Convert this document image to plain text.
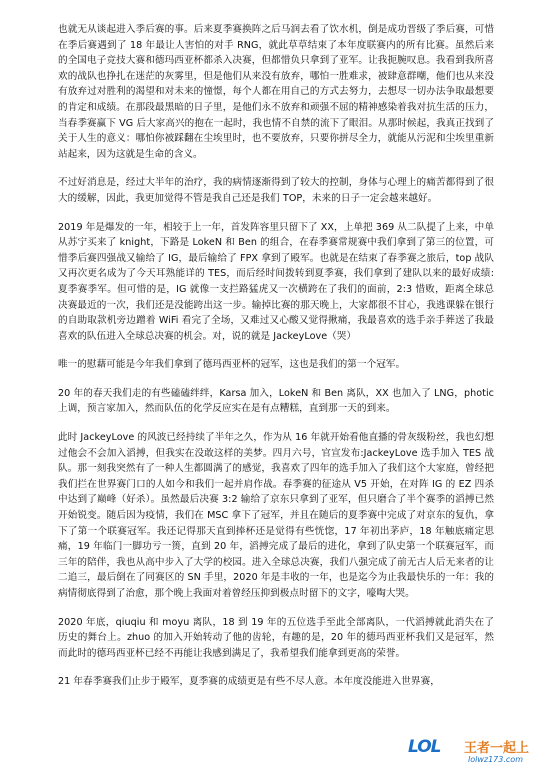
也就无从谈起进入季后赛的事。后来夏季赛换阵之后马润去看了饮水机，倒是成功晋级了季后赛，可惜在季后赛遇到了 18 年最让人害怕的对手 RNG，就此草草结束了本年度联赛内的所有比赛。虽然后来的全国电子竞技大赛和德玛西亚杯都杀入决赛，但都惜负只拿到了亚军。让我扼腕叹息。我看到我所喜欢的战队也挣扎在迷茫的灰雾里，但是他们从来没有放弃，哪怕一胜难求，被肆意群嘲，他们也从来没有放弃过对胜利的渴望和对未来的憧憬，每个人都在用自己的方式去努力，去想尽一切办法争取最想要的肯定和成绩。在那段最黑暗的日子里，是他们永不放弃和顽强不屈的精神感染着我对抗生活的压力，当春季赛赢下 VG 后大家高兴的抱在一起时，我也情不自禁的流下了眼泪。从那时候起，我真正找到了关于人生的意义：哪怕你被踩翻在尘埃里时，也不要放弃，只要你拼尽全力，就能从污泥和尘埃里重新站起来，因为这就是生命的含义。

不过好消息是，经过大半年的治疗，我的病情逐渐得到了较大的控制，身体与心理上的痛苦都得到了很大的缓解，因此，我更加觉得不管是我自己还是我们 TOP，未来的日子一定会越来越好。

2019 年是爆发的一年，相较于上一年，首发阵容里只留下了 XX，上单把 369 从二队提了上来，中单从苏宁买来了 knight，下路是 LokeN 和 Ben 的组合，在春季赛常规赛中我们拿到了第三的位置，可惜季后赛四强战又输给了 IG，最后输给了 FPX 拿到了殿军。也就是在结束了春季赛之旅后，top 战队又再次更名成为了今天耳熟能详的 TES，而后经时间拨转到夏季赛，我们拿到了建队以来的最好成绩:夏季赛季军。但可惜的是，IG 就像一支拦路猛虎又一次横跨在了我们的面前，2:3 惜败，距离全球总决赛最近的一次，我们还是没能跨出这一步。输掉比赛的那天晚上，大家都很不甘心，我逃课躲在银行的自助取款机旁边蹭着 WiFi 看完了全场，又难过又心酸又觉得揪痛，我最喜欢的选手亲手葬送了我最喜欢的队伍进入全球总决赛的机会。对，说的就是 JackeyLove（哭）

唯一的慰藉可能是今年我们拿到了德玛西亚杯的冠军，这也是我们的第一个冠军。

20 年的春天我们走的有些磕磕绊绊，Karsa 加入，LokeN 和 Ben 离队，XX 也加入了 LNG，photic 上调，预言家加入，然而队伍的化学反应实在是有点糟糕，直到那一天的到来。

此时 JackeyLove 的风波已经持续了半年之久，作为从 16 年就开始看他直播的骨灰级粉丝，我也幻想过他会不会加入滔搏，但我实在没敢这样的美梦。四月六号，官宣发布:JackeyLove 选手加入 TES 战队。那一刻我突然有了一种人生都圆满了的感觉，我喜欢了四年的选手加入了我们这个大家庭，曾经把我们拦在世界赛门口的人如今和我们一起并肩作战。春季赛的征途从 V5 开始，在对阵 IG 的 EZ 四杀中达到了巅峰（好杀）。虽然最后决赛 3:2 输给了京东只拿到了亚军，但只磨合了半个赛季的滔搏已然开始锐变。随后因为疫情，我们在 MSC 拿下了冠军，并且在随后的夏季赛中完成了对京东的复仇，拿下了第一个联赛冠军。我还记得那天直到捧杯还是觉得有些恍惚，17 年初出茅庐，18 年触底痛定思痛，19 年临门一脚功亏一篑，直到 20 年，滔搏完成了最后的进化，拿到了队史第一个联赛冠军，而三年的陪伴，我也从高中步入了大学的校园。进入全球总决赛，我们八强完成了前无古人后无来者的让二追三，最后倒在了同赛区的 SN 手里，2020 年是丰收的一年，也是迄今为止我最快乐的一年：我的病情彻底得到了治愈，那个晚上我面对着曾经压抑到极点时留下的文字，嚎啕大哭。

2020 年底，qiuqiu 和 moyu 离队，18 到 19 年的五位选手至此全部离队，一代滔搏就此消失在了历史的舞台上。zhuo 的加入开始转动了他的齿轮，有趣的是，20 年的德玛西亚杯我们又是冠军，然而此时的德玛西亚杯已经不再能让我感到满足了，我希望我们能拿到更高的荣誉。

21 年春季赛我们止步于殿军，夏季赛的成绩更是有些不尽人意。本年度没能进入世界赛，

LOL 王者一起上
lolwz173.com
